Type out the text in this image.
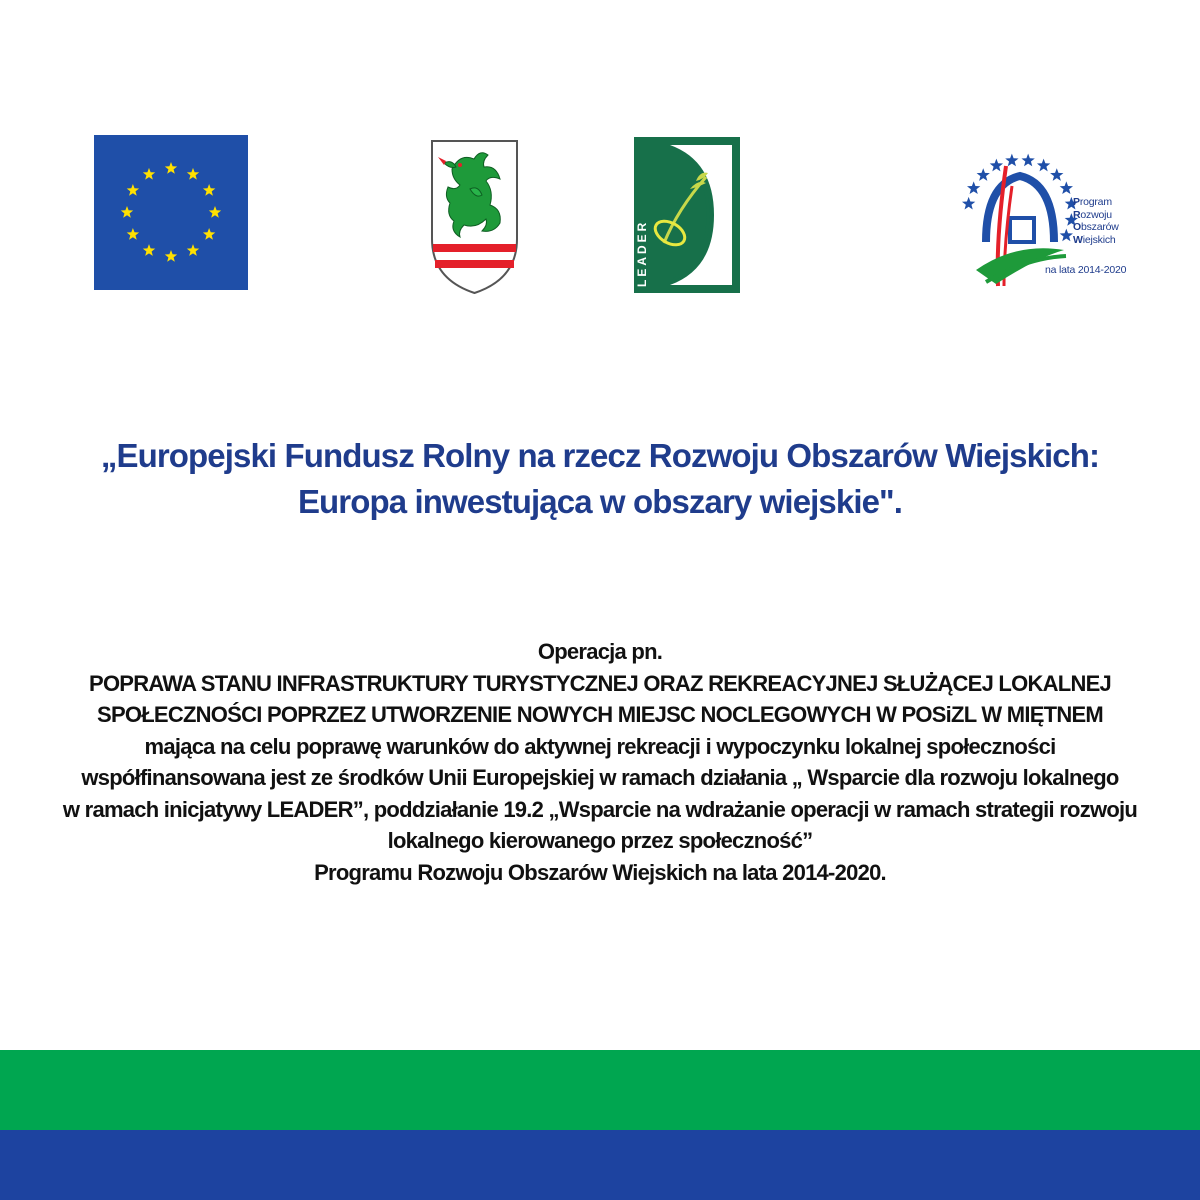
LEADER
Program
Rozwoju
Obszarów
Wiejskich
na lata 2014-2020
„Europejski Fundusz Rolny na rzecz Rozwoju Obszarów Wiejskich:
Europa inwestująca w obszary wiejskie".
Operacja pn.
POPRAWA STANU INFRASTRUKTURY TURYSTYCZNEJ ORAZ REKREACYJNEJ SŁUŻĄCEJ LOKALNEJ
SPOŁECZNOŚCI POPRZEZ UTWORZENIE NOWYCH MIEJSC NOCLEGOWYCH W POSiZL W MIĘTNEM
mająca na celu poprawę warunków do aktywnej rekreacji i wypoczynku lokalnej społeczności
współfinansowana jest ze środków Unii Europejskiej w ramach działania „ Wsparcie dla rozwoju lokalnego
w ramach inicjatywy LEADER”, poddziałanie 19.2 „Wsparcie na wdrażanie operacji w ramach strategii rozwoju
lokalnego kierowanego przez społeczność”
Programu Rozwoju Obszarów Wiejskich na lata 2014-2020.
